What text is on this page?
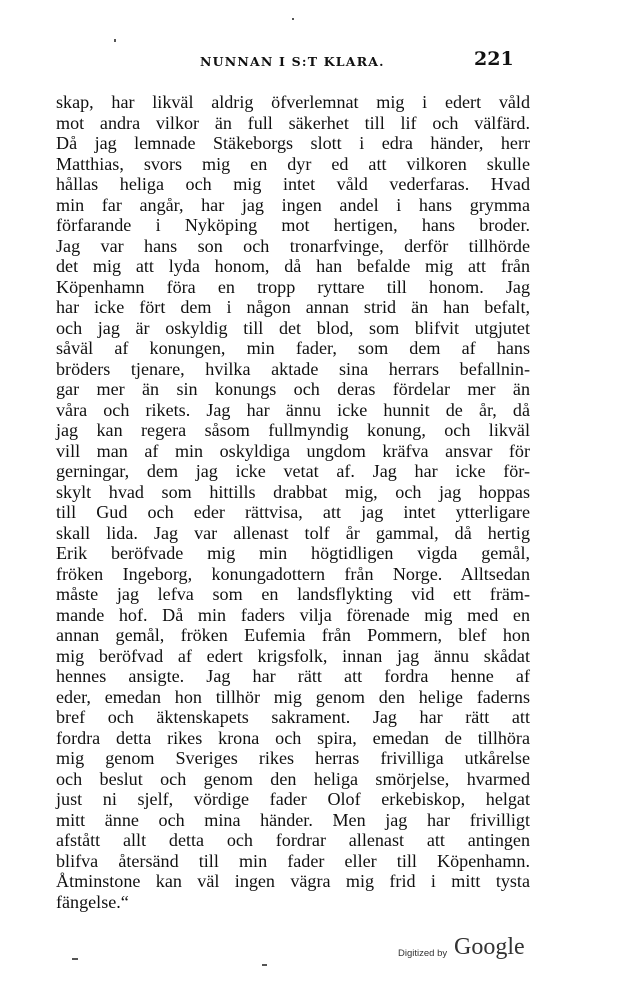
NUNNAN I S:T KLARA.	221
skap, har likväl aldrig öfverlemnat mig i edert våld
mot andra vilkor än full säkerhet till lif och välfärd.
Då jag lemnade Stäkeborgs slott i edra händer, herr
Matthias, svors mig en dyr ed att vilkoren skulle
hållas heliga och mig intet våld vederfaras. Hvad
min far angår, har jag ingen andel i hans grymma
förfarande i Nyköping mot hertigen, hans broder.
Jag var hans son och tronarfvinge, derför tillhörde
det mig att lyda honom, då han befalde mig att från
Köpenhamn föra en tropp ryttare till honom. Jag
har icke fört dem i någon annan strid än han befalt,
och jag är oskyldig till det blod, som blifvit utgjutet
såväl af konungen, min fader, som dem af hans
bröders tjenare, hvilka aktade sina herrars befallnin-
gar mer än sin konungs och deras fördelar mer än
våra och rikets. Jag har ännu icke hunnit de år, då
jag kan regera såsom fullmyndig konung, och likväl
vill man af min oskyldiga ungdom kräfva ansvar för
gerningar, dem jag icke vetat af. Jag har icke för-
skylt hvad som hittills drabbat mig, och jag hoppas
till Gud och eder rättvisa, att jag intet ytterligare
skall lida. Jag var allenast tolf år gammal, då hertig
Erik beröfvade mig min högtidligen vigda gemål,
fröken Ingeborg, konungadottern från Norge. Alltsedan
måste jag lefva som en landsflykting vid ett främ-
mande hof. Då min faders vilja förenade mig med en
annan gemål, fröken Eufemia från Pommern, blef hon
mig beröfvad af edert krigsfolk, innan jag ännu skådat
hennes ansigte. Jag har rätt att fordra henne af
eder, emedan hon tillhör mig genom den helige faderns
bref och äktenskapets sakrament. Jag har rätt att
fordra detta rikes krona och spira, emedan de tillhöra
mig genom Sveriges rikes herras frivilliga utkårelse
och beslut och genom den heliga smörjelse, hvarmed
just ni sjelf, vördige fader Olof erkebiskop, helgat
mitt änne och mina händer. Men jag har frivilligt
afstått allt detta och fordrar allenast att antingen
blifva återsänd till min fader eller till Köpenhamn.
Åtminstone kan väl ingen vägra mig frid i mitt tysta
fängelse.“
Digitized by Google
